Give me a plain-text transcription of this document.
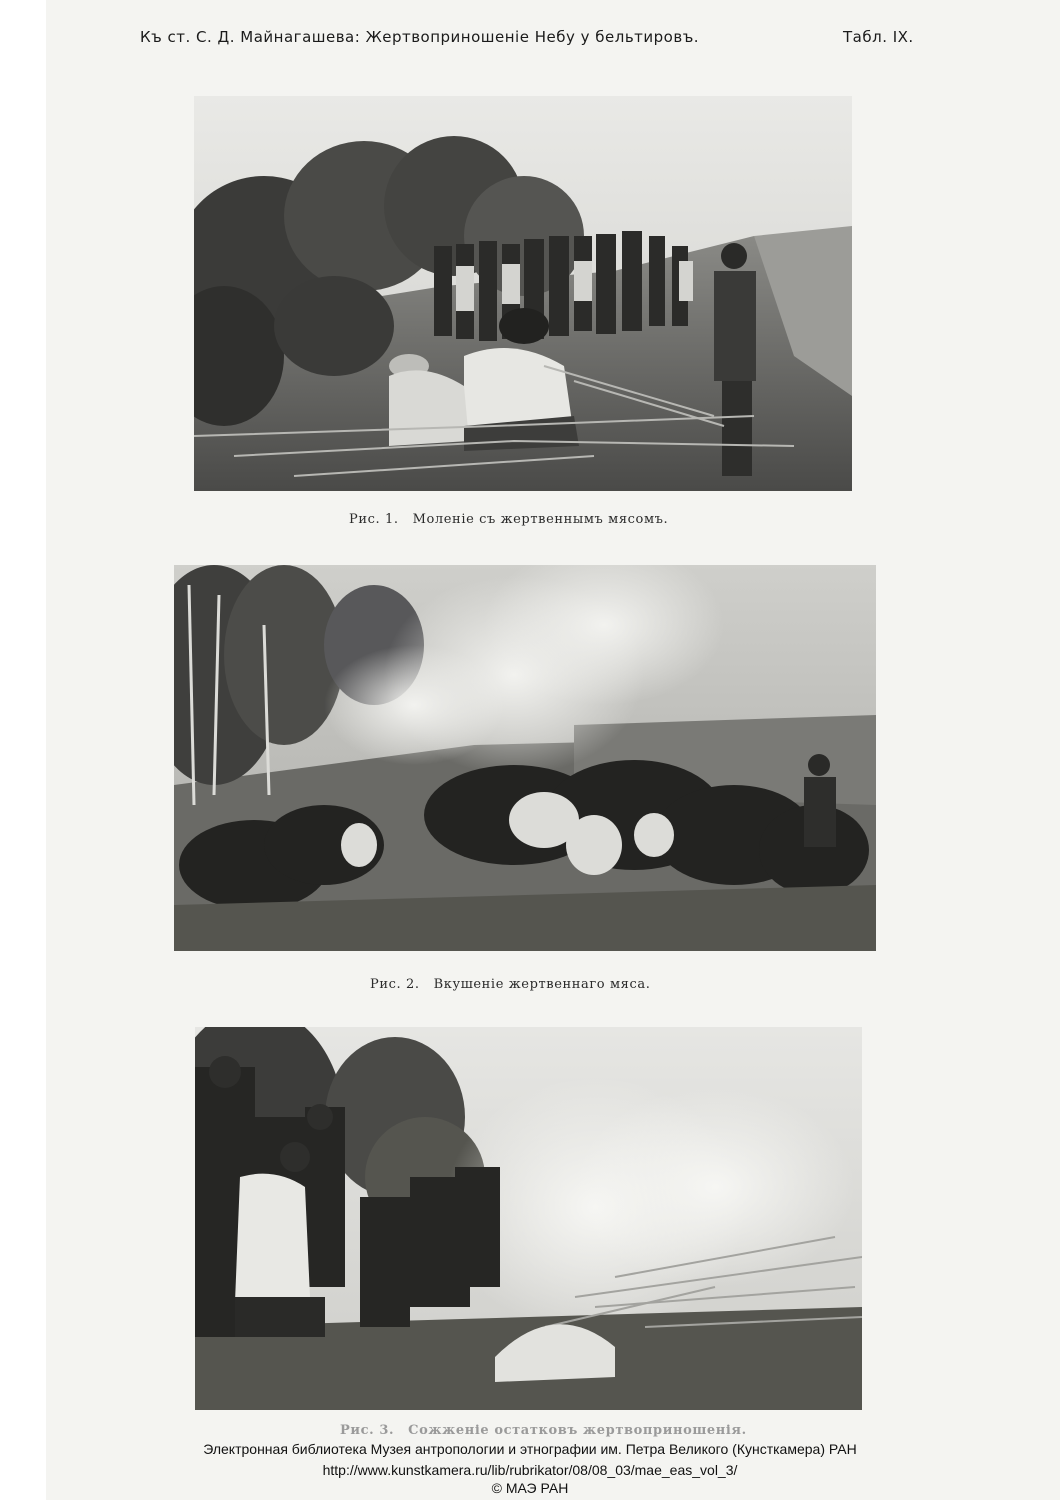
Къ ст. С. Д. Майнагашева: Жертвоприношеніе Небу у бельтировъ.	Табл. IX.
Рис. 1. Моленіе съ жертвеннымъ мясомъ.
Рис. 2. Вкушеніе жертвеннаго мяса.
Рис. 3. Сожженіе остатковъ жертвоприношенія.
Электронная библиотека Музея антропологии и этнографии им. Петра Великого (Кунсткамера) РАН
http://www.kunstkamera.ru/lib/rubrikator/08/08_03/mae_eas_vol_3/
© МАЭ РАН
